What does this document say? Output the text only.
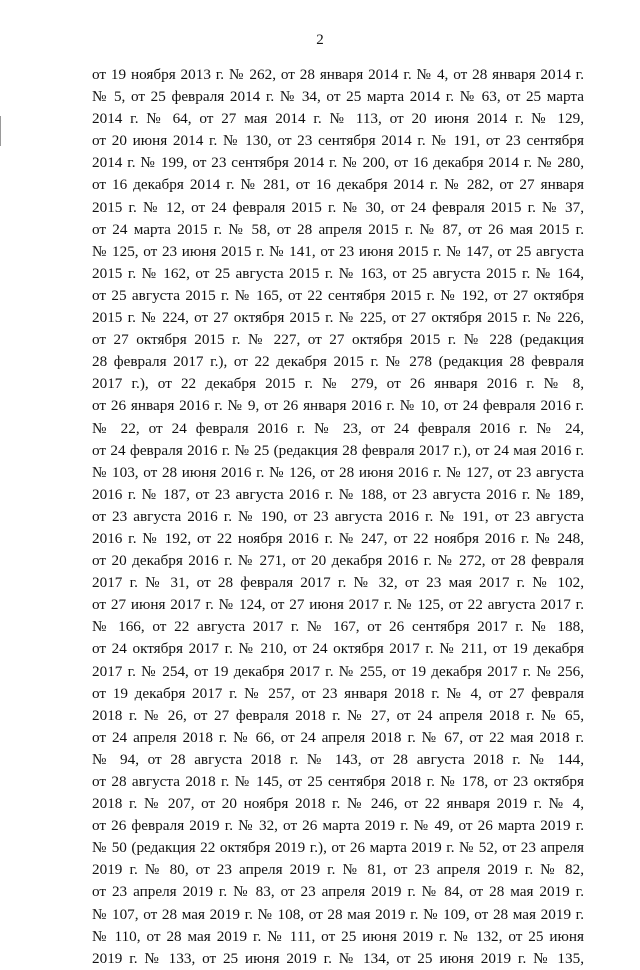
2
от 19 ноября 2013 г. № 262, от 28 января 2014 г. № 4, от 28 января 2014 г.
№ 5, от 25 февраля 2014 г. № 34, от 25 марта 2014 г. № 63, от 25 марта
2014 г. № 64, от 27 мая 2014 г. № 113, от 20 июня 2014 г. № 129,
от 20 июня 2014 г. № 130, от 23 сентября 2014 г. № 191, от 23 сентября
2014 г. № 199, от 23 сентября 2014 г. № 200, от 16 декабря 2014 г. № 280,
от 16 декабря 2014 г. № 281, от 16 декабря 2014 г. № 282, от 27 января
2015 г. № 12, от 24 февраля 2015 г. № 30, от 24 февраля 2015 г. № 37,
от 24 марта 2015 г. № 58, от 28 апреля 2015 г. № 87, от 26 мая 2015 г.
№ 125, от 23 июня 2015 г. № 141, от 23 июня 2015 г. № 147, от 25 августа
2015 г. № 162, от 25 августа 2015 г. № 163, от 25 августа 2015 г. № 164,
от 25 августа 2015 г. № 165, от 22 сентября 2015 г. № 192, от 27 октября
2015 г. № 224, от 27 октября 2015 г. № 225, от 27 октября 2015 г. № 226,
от 27 октября 2015 г. № 227, от 27 октября 2015 г. № 228 (редакция
28 февраля 2017 г.), от 22 декабря 2015 г. № 278 (редакция 28 февраля
2017 г.), от 22 декабря 2015 г. № 279, от 26 января 2016 г. № 8,
от 26 января 2016 г. № 9, от 26 января 2016 г. № 10, от 24 февраля 2016 г.
№ 22, от 24 февраля 2016 г. № 23, от 24 февраля 2016 г. № 24,
от 24 февраля 2016 г. № 25 (редакция 28 февраля 2017 г.), от 24 мая 2016 г.
№ 103, от 28 июня 2016 г. № 126, от 28 июня 2016 г. № 127, от 23 августа
2016 г. № 187, от 23 августа 2016 г. № 188, от 23 августа 2016 г. № 189,
от 23 августа 2016 г. № 190, от 23 августа 2016 г. № 191, от 23 августа
2016 г. № 192, от 22 ноября 2016 г. № 247, от 22 ноября 2016 г. № 248,
от 20 декабря 2016 г. № 271, от 20 декабря 2016 г. № 272, от 28 февраля
2017 г. № 31, от 28 февраля 2017 г. № 32, от 23 мая 2017 г. № 102,
от 27 июня 2017 г. № 124, от 27 июня 2017 г. № 125, от 22 августа 2017 г.
№ 166, от 22 августа 2017 г. № 167, от 26 сентября 2017 г. № 188,
от 24 октября 2017 г. № 210, от 24 октября 2017 г. № 211, от 19 декабря
2017 г. № 254, от 19 декабря 2017 г. № 255, от 19 декабря 2017 г. № 256,
от 19 декабря 2017 г. № 257, от 23 января 2018 г. № 4, от 27 февраля
2018 г. № 26, от 27 февраля 2018 г. № 27, от 24 апреля 2018 г. № 65,
от 24 апреля 2018 г. № 66, от 24 апреля 2018 г. № 67, от 22 мая 2018 г.
№ 94, от 28 августа 2018 г. № 143, от 28 августа 2018 г. № 144,
от 28 августа 2018 г. № 145, от 25 сентября 2018 г. № 178, от 23 октября
2018 г. № 207, от 20 ноября 2018 г. № 246, от 22 января 2019 г. № 4,
от 26 февраля 2019 г. № 32, от 26 марта 2019 г. № 49, от 26 марта 2019 г.
№ 50 (редакция 22 октября 2019 г.), от 26 марта 2019 г. № 52, от 23 апреля
2019 г. № 80, от 23 апреля 2019 г. № 81, от 23 апреля 2019 г. № 82,
от 23 апреля 2019 г. № 83, от 23 апреля 2019 г. № 84, от 28 мая 2019 г.
№ 107, от 28 мая 2019 г. № 108, от 28 мая 2019 г. № 109, от 28 мая 2019 г.
№ 110, от 28 мая 2019 г. № 111, от 25 июня 2019 г. № 132, от 25 июня
2019 г. № 133, от 25 июня 2019 г. № 134, от 25 июня 2019 г. № 135,
